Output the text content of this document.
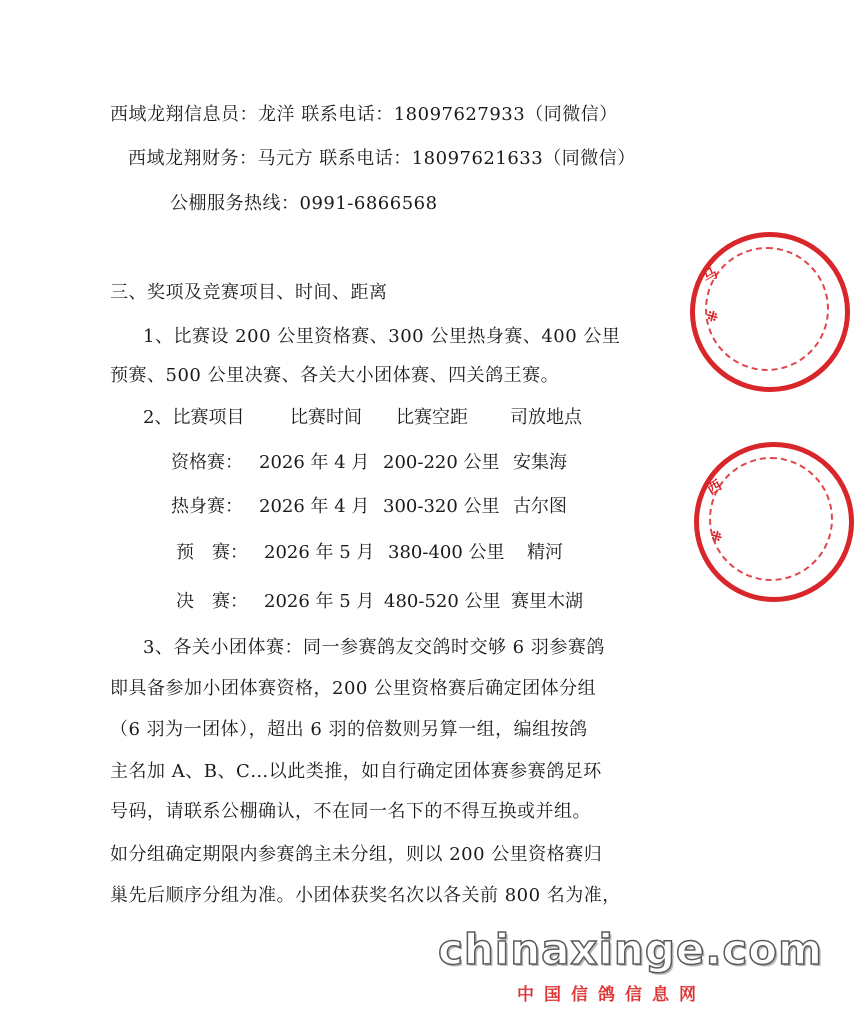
西域龙翔信息员：龙洋 联系电话：18097627933（同微信）
西域龙翔财务：马元方 联系电话：18097621633（同微信）
公棚服务热线：0991-6866568
三、奖项及竞赛项目、时间、距离
1、比赛设 200 公里资格赛、300 公里热身赛、400 公里
预赛、500 公里决赛、各关大小团体赛、四关鸽王赛。
2、比赛项目	比赛时间 比赛空距 司放地点
资格赛： 2026 年 4 月 200-220 公里 安集海
热身赛： 2026 年 4 月 300-320 公里 古尔图
预　赛： 2026 年 5 月 380-400 公里 精河
决　赛： 2026 年 5 月 480-520 公里 赛里木湖
3、各关小团体赛：同一参赛鸽友交鸽时交够 6 羽参赛鸽
即具备参加小团体赛资格，200 公里资格赛后确定团体分组
（6 羽为一团体），超出 6 羽的倍数则另算一组，编组按鸽
主名加 A、B、C…以此类推，如自行确定团体赛参赛鸽足环
号码，请联系公棚确认，不在同一名下的不得互换或并组。
如分组确定期限内参赛鸽主未分组，则以 200 公里资格赛归
巢先后顺序分组为准。小团体获奖名次以各关前 800 名为准，
马
※
西
※
chinaxinge.com
中国信鸽信息网
